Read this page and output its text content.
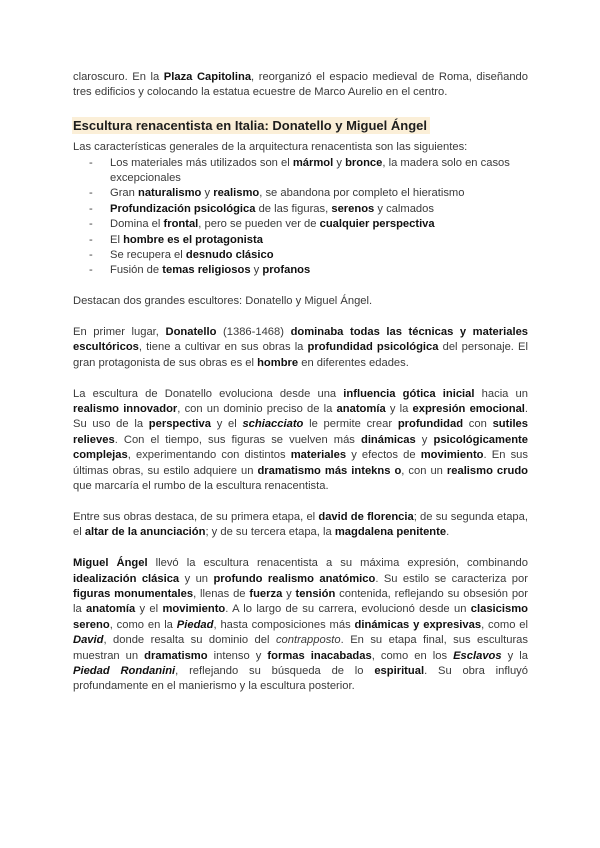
claroscuro. En la Plaza Capitolina, reorganizó el espacio medieval de Roma, diseñando tres edificios y colocando la estatua ecuestre de Marco Aurelio en el centro.

Escultura renacentista en Italia: Donatello y Miguel Ángel

Las características generales de la arquitectura renacentista son las siguientes:

- Los materiales más utilizados son el mármol y bronce, la madera solo en casos excepcionales
- Gran naturalismo y realismo, se abandona por completo el hieratismo
- Profundización psicológica de las figuras, serenos y calmados
- Domina el frontal, pero se pueden ver de cualquier perspectiva
- El hombre es el protagonista
- Se recupera el desnudo clásico
- Fusión de temas religiosos y profanos

Destacan dos grandes escultores: Donatello y Miguel Ángel.

En primer lugar, Donatello (1386-1468) dominaba todas las técnicas y materiales escultóricos, tiene a cultivar en sus obras la profundidad psicológica del personaje. El gran protagonista de sus obras es el hombre en diferentes edades.

La escultura de Donatello evoluciona desde una influencia gótica inicial hacia un realismo innovador, con un dominio preciso de la anatomía y la expresión emocional. Su uso de la perspectiva y el schiacciato le permite crear profundidad con sutiles relieves. Con el tiempo, sus figuras se vuelven más dinámicas y psicológicamente complejas, experimentando con distintos materiales y efectos de movimiento. En sus últimas obras, su estilo adquiere un dramatismo más intekns o, con un realismo crudo que marcaría el rumbo de la escultura renacentista.

Entre sus obras destaca, de su primera etapa, el david de florencia; de su segunda etapa, el altar de la anunciación; y de su tercera etapa, la magdalena penitente.

Miguel Ángel llevó la escultura renacentista a su máxima expresión, combinando idealización clásica y un profundo realismo anatómico. Su estilo se caracteriza por figuras monumentales, llenas de fuerza y tensión contenida, reflejando su obsesión por la anatomía y el movimiento. A lo largo de su carrera, evolucionó desde un clasicismo sereno, como en la Piedad, hasta composiciones más dinámicas y expresivas, como el David, donde resalta su dominio del contrapposto. En su etapa final, sus esculturas muestran un dramatismo intenso y formas inacabadas, como en los Esclavos y la Piedad Rondanini, reflejando su búsqueda de lo espiritual. Su obra influyó profundamente en el manierismo y la escultura posterior.
